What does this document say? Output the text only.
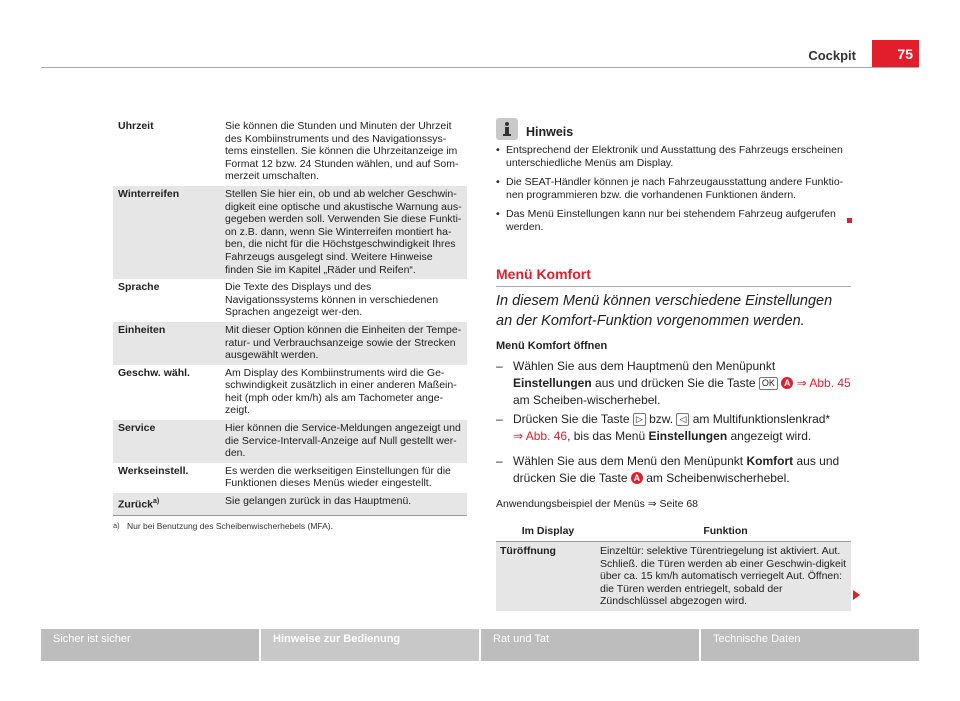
Cockpit	75
Uhrzeit	Sie können die Stunden und Minuten der Uhrzeit des Kombiinstruments und des Navigationssys-tems einstellen. Sie können die Uhrzeitanzeige im Format 12 bzw. 24 Stunden wählen, und auf Som-merzeit umschalten.
Winterreifen	Stellen Sie hier ein, ob und ab welcher Geschwin-digkeit eine optische und akustische Warnung aus-gegeben werden soll. Verwenden Sie diese Funkti-on z.B. dann, wenn Sie Winterreifen montiert ha-ben, die nicht für die Höchstgeschwindigkeit Ihres Fahrzeugs ausgelegt sind. Weitere Hinweise finden Sie im Kapitel „Räder und Reifen“.
Sprache	Die Texte des Displays und des Navigationssystems können in verschiedenen Sprachen angezeigt wer-den.
Einheiten	Mit dieser Option können die Einheiten der Tempe-ratur- und Verbrauchsanzeige sowie der Strecken ausgewählt werden.
Geschw. wähl.	Am Display des Kombiinstruments wird die Ge-schwindigkeit zusätzlich in einer anderen Maßein-heit (mph oder km/h) als am Tachometer ange-zeigt.
Service	Hier können die Service-Meldungen angezeigt und die Service-Intervall-Anzeige auf Null gestellt wer-den.
Werkseinstell.	Es werden die werkseitigen Einstellungen für die Funktionen dieses Menüs wieder eingestellt.
Zurück$^{a)}$	Sie gelangen zurück in das Hauptmenü.
a) Nur bei Benutzung des Scheibenwischerhebels (MFA).
Hinweis
• Entsprechend der Elektronik und Ausstattung des Fahrzeugs erscheinen unterschiedliche Menüs am Display.
• Die SEAT-Händler können je nach Fahrzeugausstattung andere Funktio-nen programmieren bzw. die vorhandenen Funktionen ändern.
• Das Menü Einstellungen kann nur bei stehendem Fahrzeug aufgerufen werden.
Menü Komfort
In diesem Menü können verschiedene Einstellungen an der Komfort-Funktion vorgenommen werden.
Menü Komfort öffnen
– Wählen Sie aus dem Hauptmenü den Menüpunkt Einstellungen aus und drücken Sie die Taste OK A ⇒ Abb. 45 am Scheiben-wischerhebel.
– Drücken Sie die Taste ▷ bzw. ◁ am Multifunktionslenkrad*
⇒ Abb. 46, bis das Menü Einstellungen angezeigt wird.
– Wählen Sie aus dem Menü den Menüpunkt Komfort aus und drücken Sie die Taste A am Scheibenwischerhebel.
Anwendungsbeispiel der Menüs ⇒ Seite 68
Im Display	Funktion
Türöffnung	Einzeltür: selektive Türentriegelung ist aktiviert. Aut. Schließ. die Türen werden ab einer Geschwin-digkeit über ca. 15 km/h automatisch verriegelt Aut. Öffnen: die Türen werden entriegelt, sobald der Zündschlüssel abgezogen wird.
Sicher ist sicher	Hinweise zur Bedienung	Rat und Tat	Technische Daten
